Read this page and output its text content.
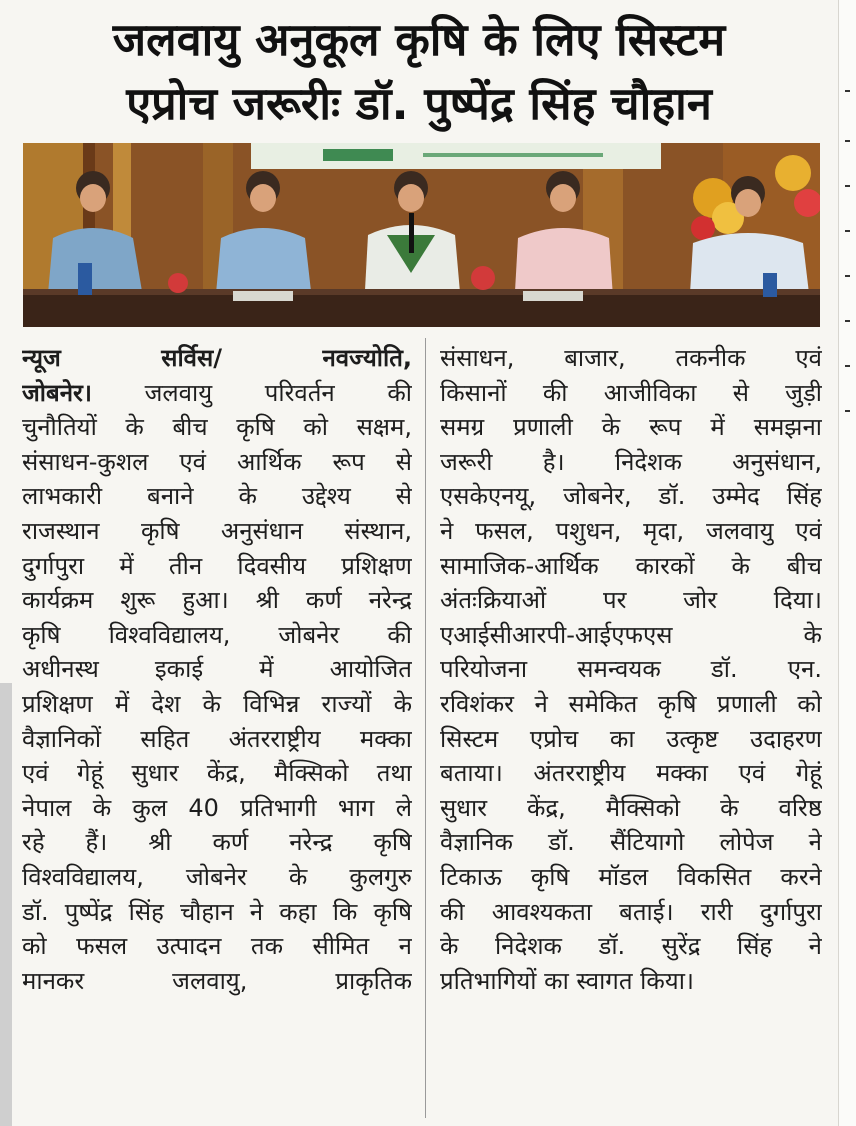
जलवायु अनुकूल कृषि के लिए सिस्टम
एप्रोच जरूरीः डॉ. पुष्पेंद्र सिंह चौहान
न्यूज सर्विस/ नवज्योति,
जोबनेर। जलवायु परिवर्तन की
चुनौतियों के बीच कृषि को सक्षम,
संसाधन-कुशल एवं आर्थिक रूप से
लाभकारी बनाने के उद्देश्य से
राजस्थान कृषि अनुसंधान संस्थान,
दुर्गापुरा में तीन दिवसीय प्रशिक्षण
कार्यक्रम शुरू हुआ। श्री कर्ण नरेन्द्र
कृषि विश्वविद्यालय, जोबनेर की
अधीनस्थ इकाई में आयोजित
प्रशिक्षण में देश के विभिन्न राज्यों के
वैज्ञानिकों सहित अंतरराष्ट्रीय मक्का
एवं गेहूं सुधार केंद्र, मैक्सिको तथा
नेपाल के कुल 40 प्रतिभागी भाग ले
रहे हैं। श्री कर्ण नरेन्द्र कृषि
विश्वविद्यालय, जोबनेर के कुलगुरु
डॉ. पुष्पेंद्र सिंह चौहान ने कहा कि कृषि
को फसल उत्पादन तक सीमित न
मानकर जलवायु, प्राकृतिक
संसाधन, बाजार, तकनीक एवं
किसानों की आजीविका से जुड़ी
समग्र प्रणाली के रूप में समझना
जरूरी है। निदेशक अनुसंधान,
एसकेएनयू, जोबनेर, डॉ. उम्मेद सिंह
ने फसल, पशुधन, मृदा, जलवायु एवं
सामाजिक-आर्थिक कारकों के बीच
अंतःक्रियाओं पर जोर दिया।
एआईसीआरपी-आईएफएस के
परियोजना समन्वयक डॉ. एन.
रविशंकर ने समेकित कृषि प्रणाली को
सिस्टम एप्रोच का उत्कृष्ट उदाहरण
बताया। अंतरराष्ट्रीय मक्का एवं गेहूं
सुधार केंद्र, मैक्सिको के वरिष्ठ
वैज्ञानिक डॉ. सैंटियागो लोपेज ने
टिकाऊ कृषि मॉडल विकसित करने
की आवश्यकता बताई। रारी दुर्गापुरा
के निदेशक डॉ. सुरेंद्र सिंह ने
प्रतिभागियों का स्वागत किया।
